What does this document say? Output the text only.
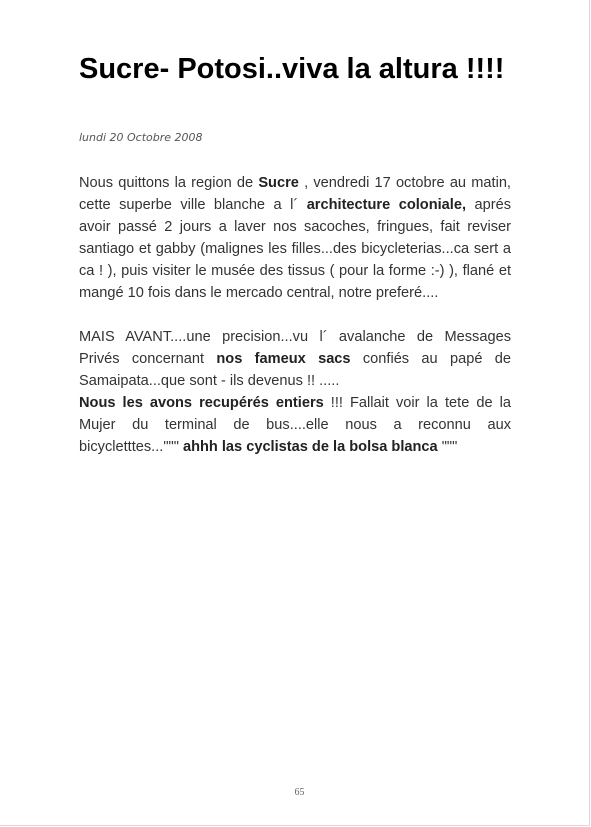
Sucre- Potosi..viva la altura !!!!
lundi 20 Octobre 2008

Nous quittons la region de Sucre , vendredi 17 octobre au matin, cette superbe ville blanche a l´ architecture coloniale, aprés avoir passé 2 jours a laver nos sacoches, fringues, fait reviser santiago et gabby (malignes les filles...des bicycleterias...ca sert a ca ! ), puis visiter le musée des tissus ( pour la forme :-) ), flané et mangé 10 fois dans le mercado central, notre preferé....

MAIS AVANT....une precision...vu l´ avalanche de Messages Privés concernant nos fameux sacs confiés au papé de Samaipata...que sont - ils devenus !! .....

Nous les avons recupérés entiers !!! Fallait voir la tete de la Mujer du terminal de bus....elle nous a reconnu aux bicycletttes...""" ahhh las cyclistas de la bolsa blanca """

65
